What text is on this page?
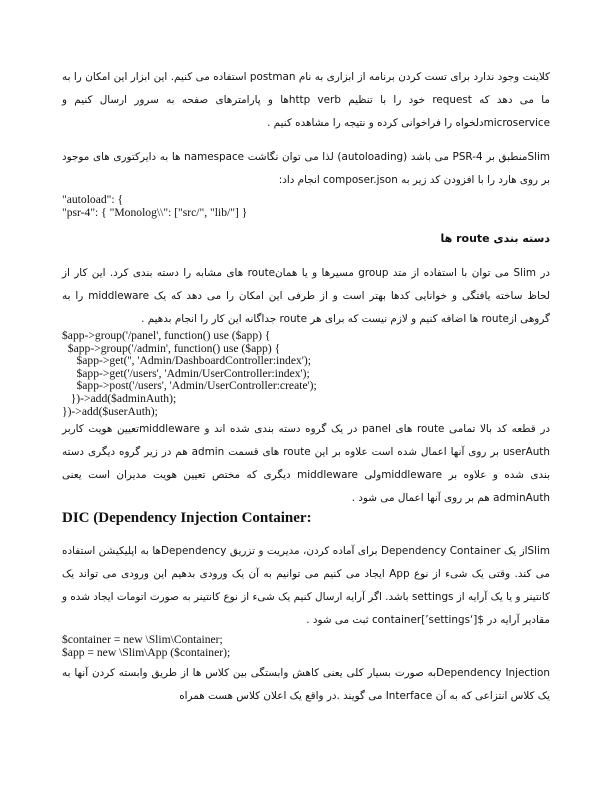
کلاینت وجود ندارد برای تست کردن برنامه از ابزاری به نام postman استفاده می کنیم. این ابزار این امکان را به ما می دهد که request خود را با تنظیم http verbها و پارامترهای صفحه به سرور ارسال کنیم و microserviceدلخواه را فراخوانی کرده و نتیجه را مشاهده کنیم .

Slimمنطبق بر PSR-4 می باشد (autoloading) لذا می توان نگاشت namespace ها به دایرکتوری های موجود بر روی هارد را با افزودن کد زیر به composer.json انجام داد:

"autoload": {
"psr-4": { "Monolog\\": ["src/", "lib/"] }
دسته بندی route ها

در Slim می توان با استفاده از متد group مسیرها و یا همانroute های مشابه را دسته بندی کرد. این کار از لحاظ ساخته یافتگی و خوانایی کدها بهتر است و از طرفی این امکان را می دهد که یک middleware را به گروهی ازroute ها اضافه کنیم و لازم نیست که برای هر route جداگانه این کار را انجام بدهیم .

$app->group('/panel', function() use ($app) {
$app->group('/admin', function() use ($app) {
$app->get('', 'Admin/DashboardController:index');
$app->get('/users', 'Admin/UserController:index');
$app->post('/users', 'Admin/UserController:create');
})->add($adminAuth);
})->add($userAuth);

در قطعه کد بالا تمامی route های panel در یک گروه دسته بندی شده اند و middlewareتعیین هویت کاربر userAuth بر روی آنها اعمال شده است علاوه بر این route های قسمت admin هم در زیر گروه دیگری دسته بندی شده و علاوه بر middlewareولی middleware دیگری که مختص تعیین هویت مدیران است یعنی adminAuth هم بر روی آنها اعمال می شود .

DIC (Dependency Injection Container:

Slimاز یک Dependency Container برای آماده کردن، مدیریت و تزریق Dependencyها به اپلیکیشن استفاده می کند. وقتی یک شیء از نوع App ایجاد می کنیم می توانیم به آن یک ورودی بدهیم این ورودی می تواند یک کانتینر و یا یک آرایه از settings باشد. اگر آرایه ارسال کنیم یک شیء از نوع کانتینر به صورت اتومات ایجاد شده و مقادیر آرایه در $[‘settings’]container ثبت می شود .

$container = new \Slim\Container;
$app = new \Slim\App ($container);

Dependency Injectionبه صورت بسیار کلی یعنی کاهش وابستگی بین کلاس ها از طریق وابسته کردن آنها به یک کلاس انتزاعی که به آن Interface می گویند .در واقع یک اعلان کلاس هست همراه
